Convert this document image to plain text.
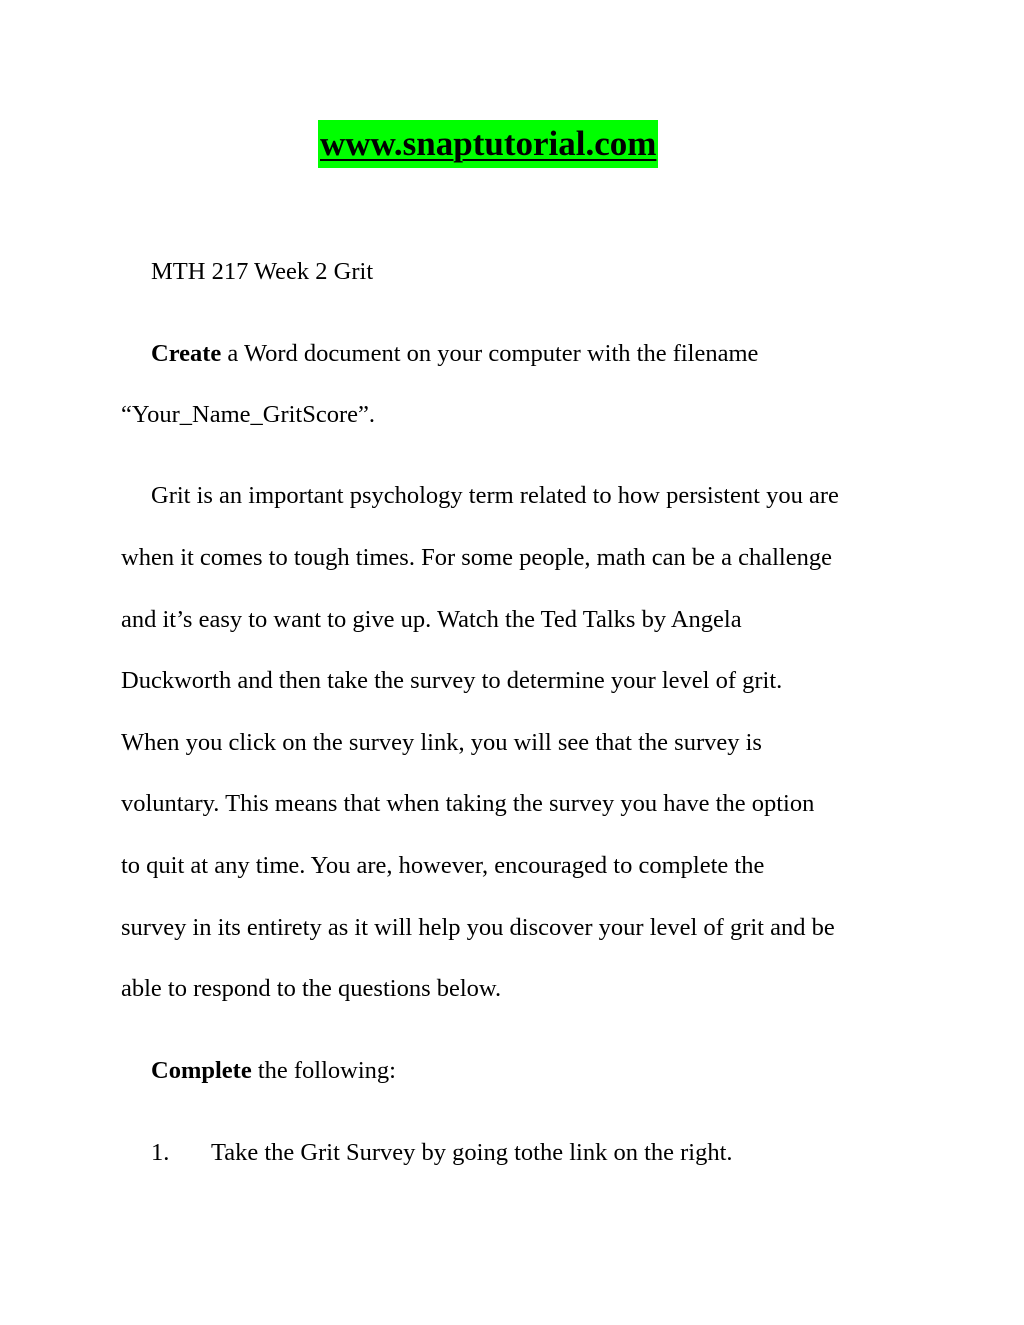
www.snaptutorial.com
MTH 217 Week 2 Grit
Create a Word document on your computer with the filename
“Your_Name_GritScore”.
Grit is an important psychology term related to how persistent you are
when it comes to tough times. For some people, math can be a challenge
and it’s easy to want to give up. Watch the Ted Talks by Angela
Duckworth and then take the survey to determine your level of grit.
When you click on the survey link, you will see that the survey is
voluntary. This means that when taking the survey you have the option
to quit at any time. You are, however, encouraged to complete the
survey in its entirety as it will help you discover your level of grit and be
able to respond to the questions below.
Complete the following:
1. Take the Grit Survey by going tothe link on the right.
